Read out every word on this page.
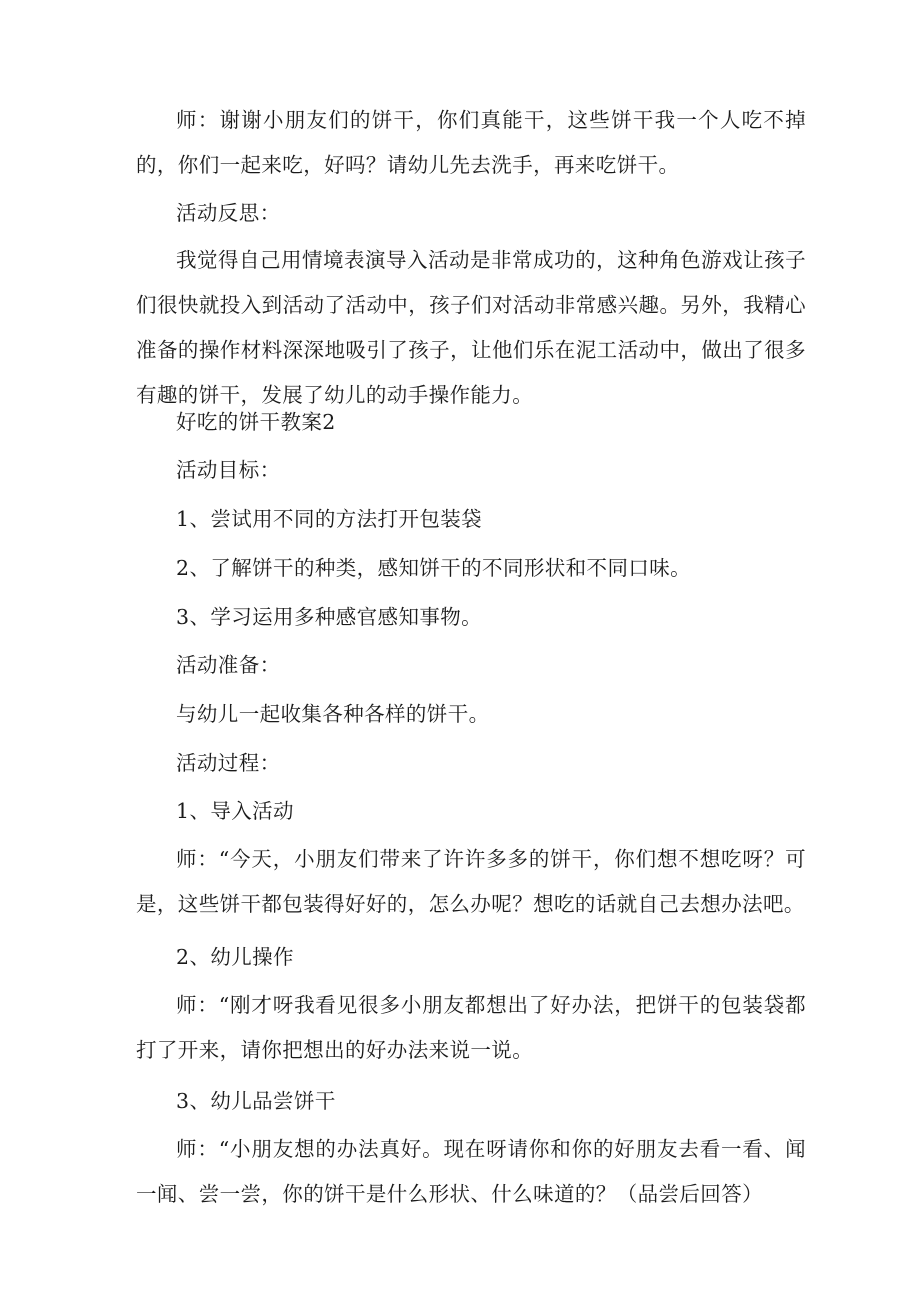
师：谢谢小朋友们的饼干，你们真能干，这些饼干我一个人吃不掉的，你们一起来吃，好吗？请幼儿先去洗手，再来吃饼干。

活动反思：

我觉得自己用情境表演导入活动是非常成功的，这种角色游戏让孩子们很快就投入到活动了活动中，孩子们对活动非常感兴趣。另外，我精心准备的操作材料深深地吸引了孩子，让他们乐在泥工活动中，做出了很多有趣的饼干，发展了幼儿的动手操作能力。

好吃的饼干教案2

活动目标：

1、尝试用不同的方法打开包装袋

2、了解饼干的种类，感知饼干的不同形状和不同口味。

3、学习运用多种感官感知事物。

活动准备：

与幼儿一起收集各种各样的饼干。

活动过程：

1、导入活动

师：“今天，小朋友们带来了许许多多的饼干，你们想不想吃呀？可是，这些饼干都包装得好好的，怎么办呢？想吃的话就自己去想办法吧。

2、幼儿操作

师：“刚才呀我看见很多小朋友都想出了好办法，把饼干的包装袋都打了开来，请你把想出的好办法来说一说。

3、幼儿品尝饼干

师：“小朋友想的办法真好。现在呀请你和你的好朋友去看一看、闻一闻、尝一尝，你的饼干是什么形状、什么味道的？（品尝后回答）
